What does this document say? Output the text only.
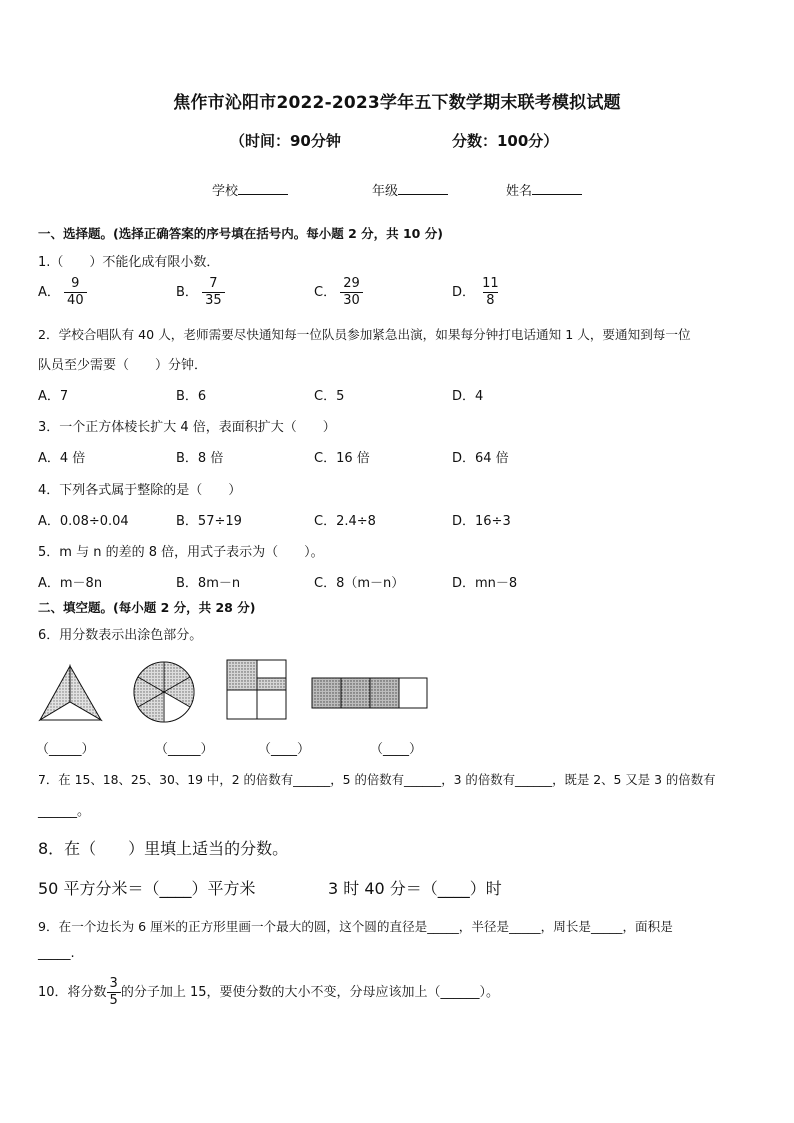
焦作市沁阳市2022-2023学年五下数学期末联考模拟试题
（时间：90分钟	分数：100分）
学校	年级	姓名
一、选择题。(选择正确答案的序号填在括号内。每小题 2 分，共 10 分)
1.（　　）不能化成有限小数．
A． $\frac{9}{40}$	B． $\frac{7}{35}$	C． $\frac{29}{30}$	D． $\frac{11}{8}$
2．学校合唱队有 40 人，老师需要尽快通知每一位队员参加紧急出演，如果每分钟打电话通知 1 人，要通知到每一位
队员至少需要（　　）分钟．
A．7	B．6	C．5	D．4
3．一个正方体棱长扩大 4 倍，表面积扩大（　　）
A．4 倍	B．8 倍	C．16 倍	D．64 倍
4．下列各式属于整除的是（　　）
A．0.08÷0.04	B．57÷19	C．2.4÷8	D．16÷3
5．m 与 n 的差的 8 倍，用式子表示为（　　）。
A．m－8n	B．8m－n	C．8（m－n）	D．mn－8
二、填空题。(每小题 2 分，共 28 分)
6．用分数表示出涂色部分。
（_____）	（_____）	（____）	（____）
7．在 15、18、25、30、19 中，2 的倍数有______，5 的倍数有______，3 的倍数有______，既是 2、5 又是 3 的倍数有
______。
8．在（　　）里填上适当的分数。
50 平方分米＝（____）平方米	3 时 40 分＝（____）时
9．在一个边长为 6 厘米的正方形里画一个最大的圆，这个圆的直径是_____，半径是_____，周长是_____，面积是
_____.
10．将分数 $\frac{3}{5}$ 的分子加上 15，要使分数的大小不变，分母应该加上（______）。
